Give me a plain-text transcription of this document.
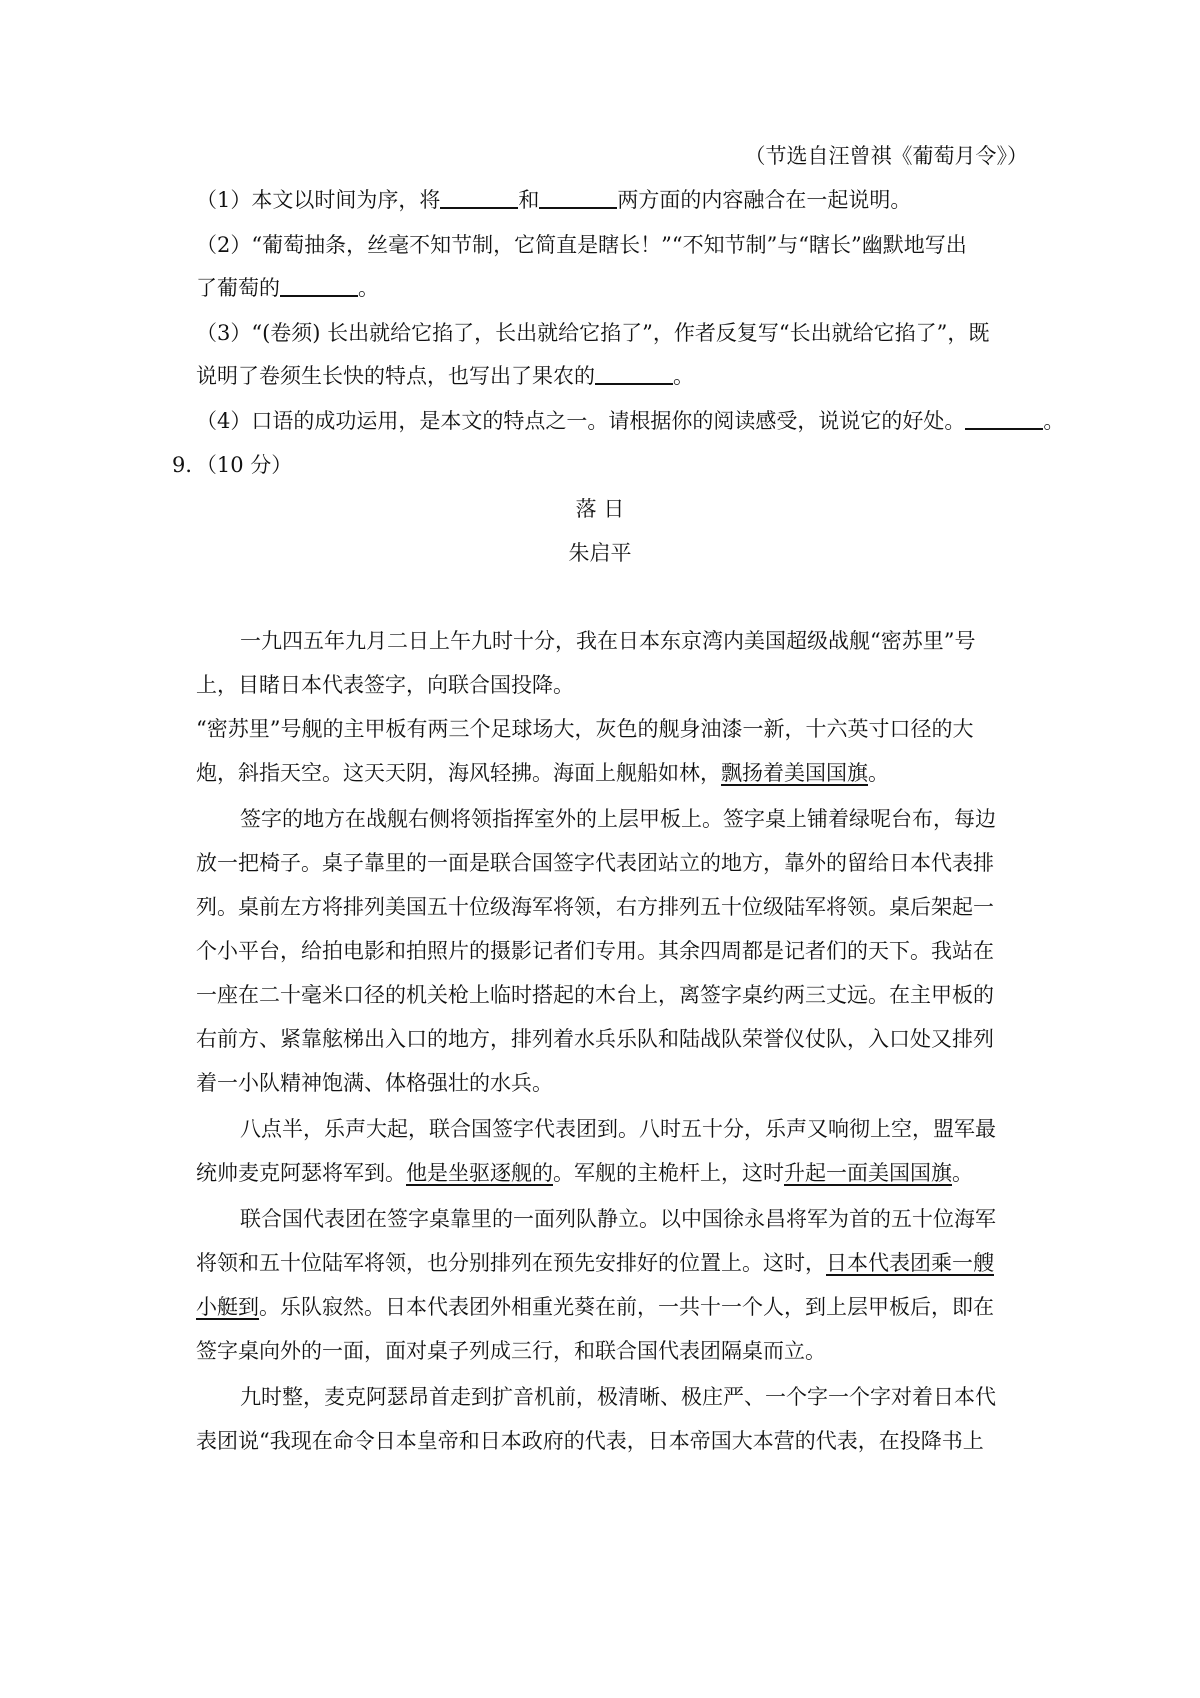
（节选自汪曾祺《葡萄月令》）
（1）本文以时间为序，将	和	两方面的内容融合在一起说明。
（2）“葡萄抽条，丝毫不知节制，它简直是瞎长！”“不知节制”与“瞎长”幽默地写出
了葡萄的	。
（3）“(卷须) 长出就给它掐了，长出就给它掐了”，作者反复写“长出就给它掐了”，既
说明了卷须生长快的特点，也写出了果农的	。
（4）口语的成功运用，是本文的特点之一。请根据你的阅读感受，说说它的好处。	。
9．（10 分）
落 日
朱启平
一九四五年九月二日上午九时十分，我在日本东京湾内美国超级战舰“密苏里”号
上，目睹日本代表签字，向联合国投降。
“密苏里”号舰的主甲板有两三个足球场大，灰色的舰身油漆一新，十六英寸口径的大
炮，斜指天空。这天天阴，海风轻拂。海面上舰船如林，飘扬着美国国旗。
签字的地方在战舰右侧将领指挥室外的上层甲板上。签字桌上铺着绿呢台布，每边
放一把椅子。桌子靠里的一面是联合国签字代表团站立的地方，靠外的留给日本代表排
列。桌前左方将排列美国五十位级海军将领，右方排列五十位级陆军将领。桌后架起一
个小平台，给拍电影和拍照片的摄影记者们专用。其余四周都是记者们的天下。我站在
一座在二十毫米口径的机关枪上临时搭起的木台上，离签字桌约两三丈远。在主甲板的
右前方、紧靠舷梯出入口的地方，排列着水兵乐队和陆战队荣誉仪仗队，入口处又排列
着一小队精神饱满、体格强壮的水兵。
八点半，乐声大起，联合国签字代表团到。八时五十分，乐声又响彻上空，盟军最
统帅麦克阿瑟将军到。他是坐驱逐舰的。军舰的主桅杆上，这时升起一面美国国旗。
联合国代表团在签字桌靠里的一面列队静立。以中国徐永昌将军为首的五十位海军
将领和五十位陆军将领，也分别排列在预先安排好的位置上。这时，日本代表团乘一艘
小艇到。乐队寂然。日本代表团外相重光葵在前，一共十一个人，到上层甲板后，即在
签字桌向外的一面，面对桌子列成三行，和联合国代表团隔桌而立。
九时整，麦克阿瑟昂首走到扩音机前，极清晰、极庄严、一个字一个字对着日本代
表团说“我现在命令日本皇帝和日本政府的代表，日本帝国大本营的代表，在投降书上
